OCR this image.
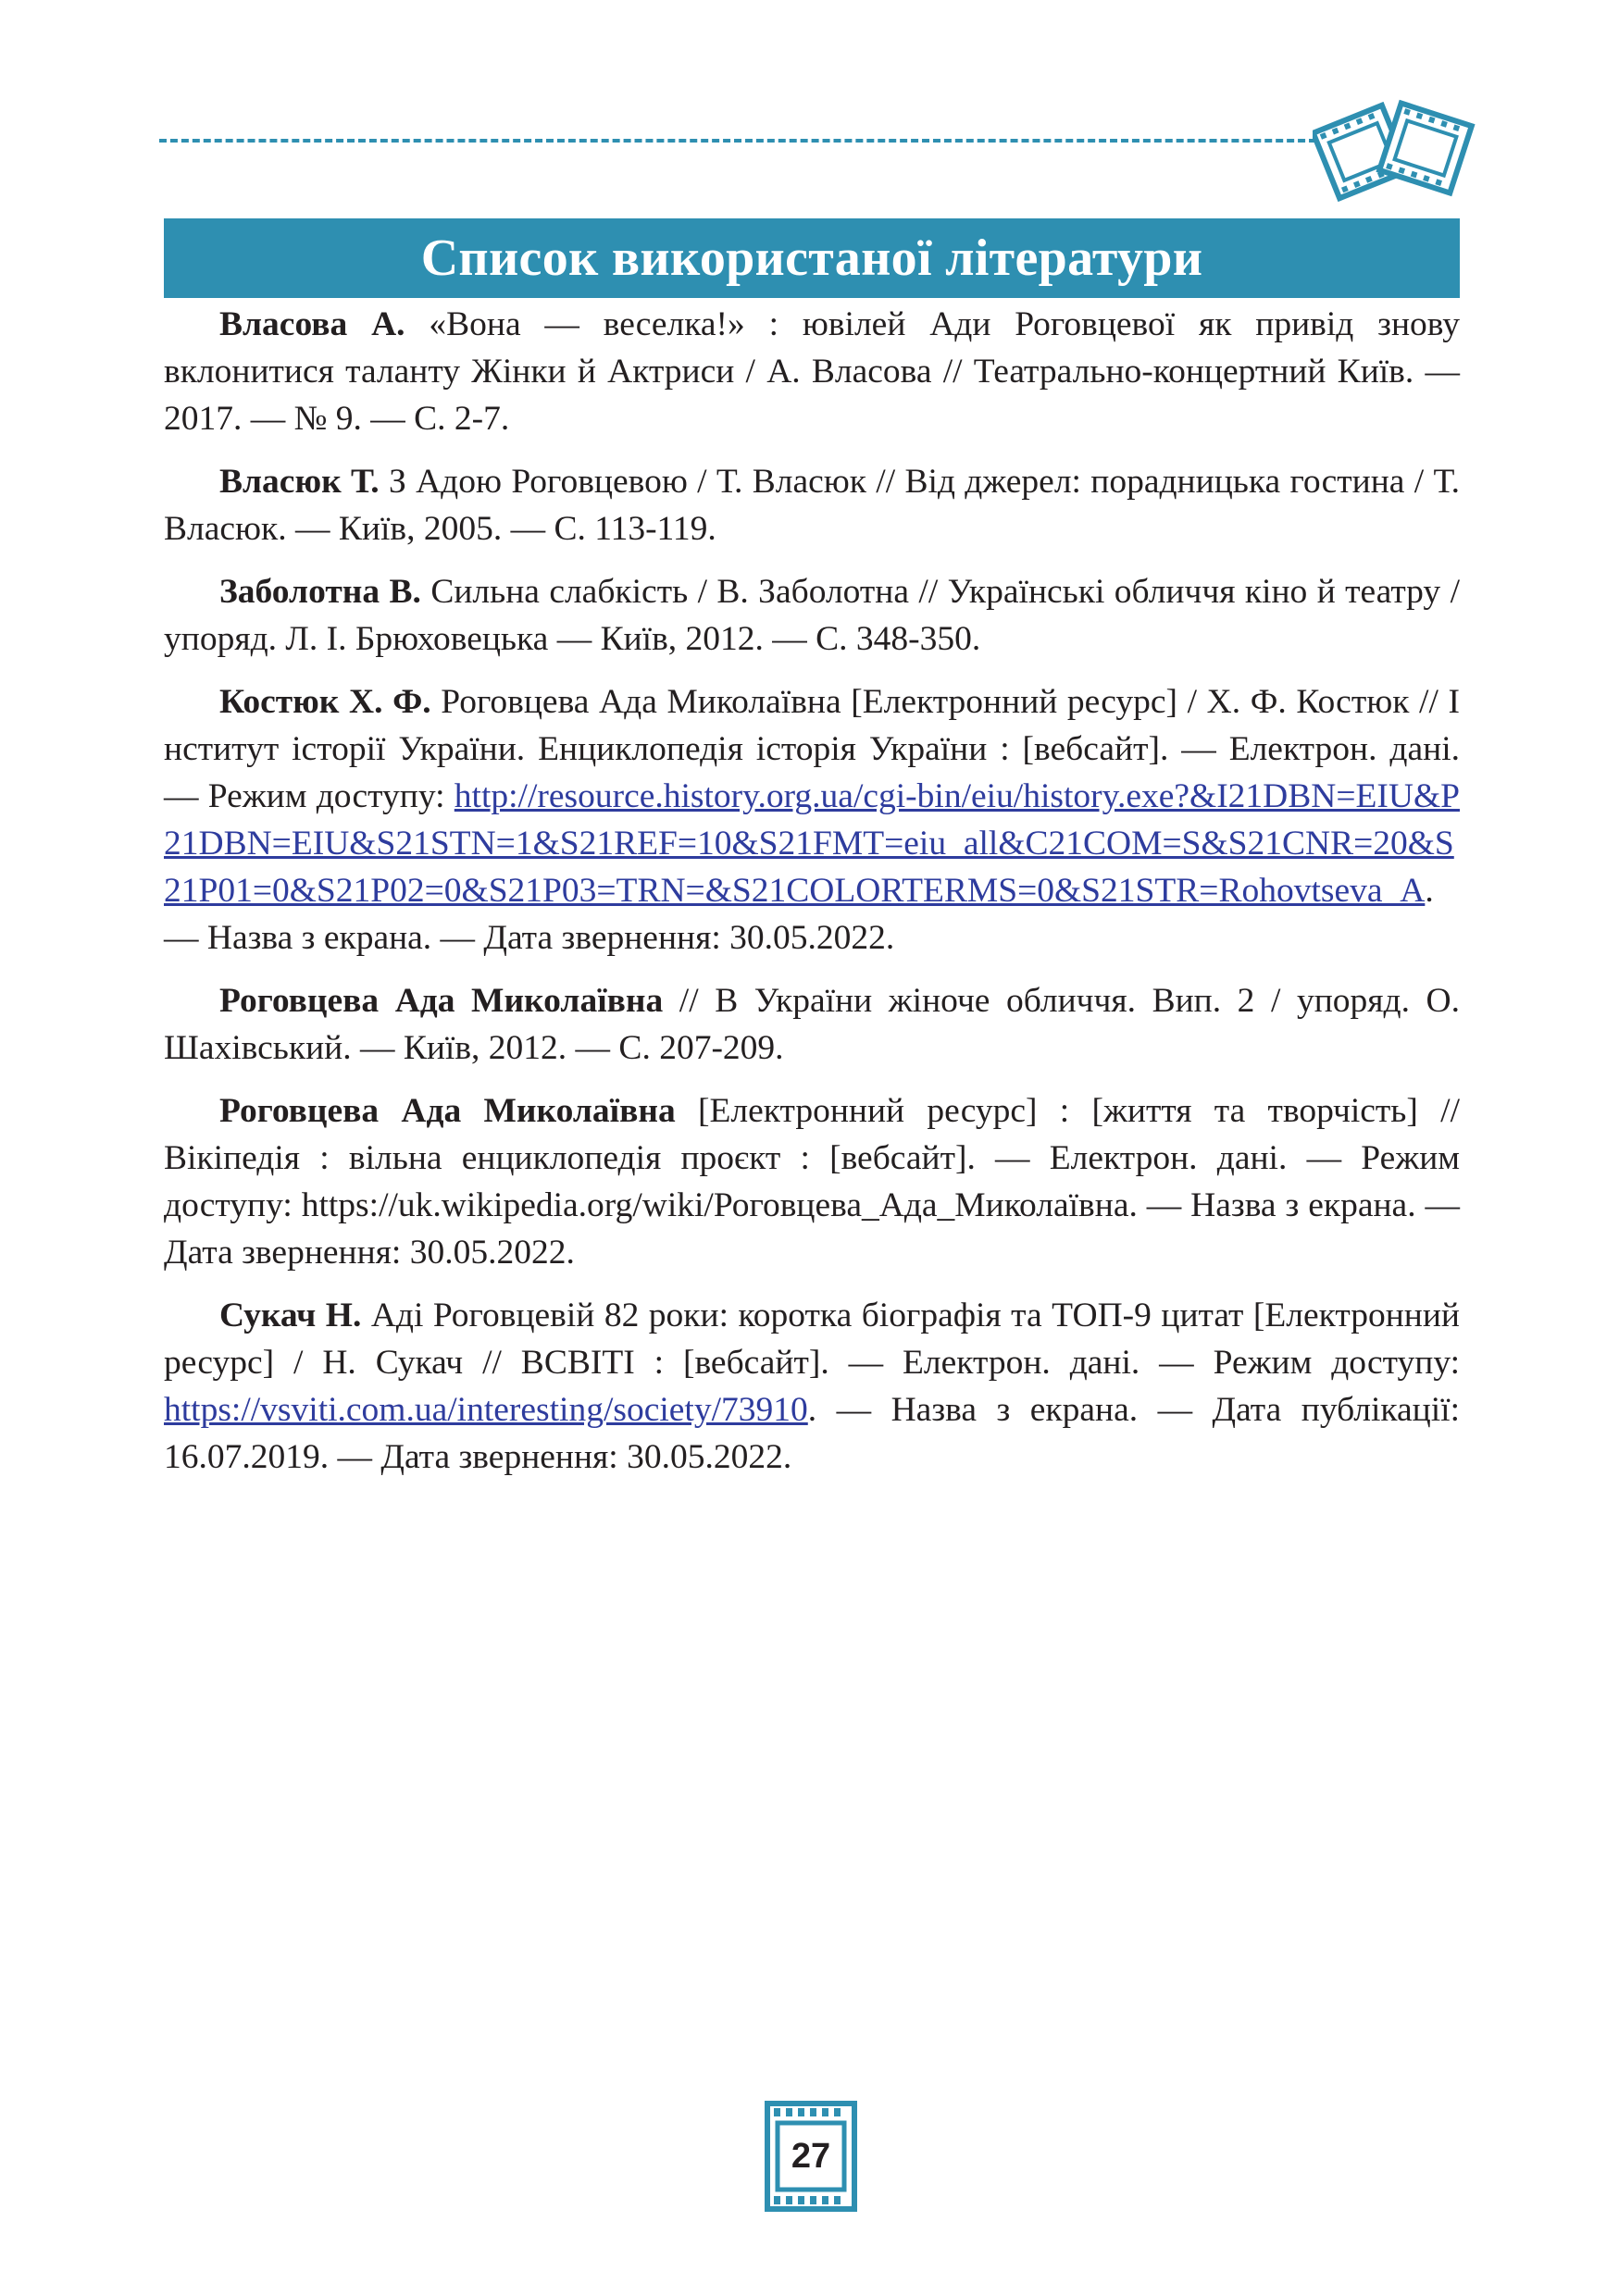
Список використаної літератури

Власова А. «Вона — веселка!» : ювілей Ади Роговцевої як привід знову вклонитися таланту Жінки й Актриси / А. Власова // Театрально-концертний Київ. — 2017. — № 9. — С. 2-7.

Власюк Т. З Адою Роговцевою / Т. Власюк // Від джерел: порадницька гостина / Т. Власюк. — Київ, 2005. — С. 113-119.

Заболотна В. Сильна слабкість / В. Заболотна // Українські обличчя кіно й театру / упоряд. Л. І. Брюховецька — Київ, 2012. — С. 348-350.

Костюк Х. Ф. Роговцева Ада Миколаївна [Електронний ресурс] / Х. Ф. Костюк // Інститут історії України. Енциклопедія історія України : [вебсайт]. — Електрон. дані. — Режим доступу: http://resource.history.org.ua/cgi-bin/eiu/history.exe?&I21DBN=EIU&P21DBN=EIU&S21STN=1&S21REF=10&S21FMT=eiu_all&C21COM=S&S21CNR=20&S21P01=0&S21P02=0&S21P03=TRN=&S21COLORTERMS=0&S21STR=Rohovtseva_A. — Назва з екрана. — Дата звернення: 30.05.2022.

Роговцева Ада Миколаївна // В України жіноче обличчя. Вип. 2 / упоряд. О. Шахівський. — Київ, 2012. — С. 207-209.

Роговцева Ада Миколаївна [Електронний ресурс] : [життя та творчість] // Вікіпедія : вільна енциклопедія проєкт : [вебсайт]. — Електрон. дані. — Режим доступу: https://uk.wikipedia.org/wiki/Роговцева_Ада_Миколаївна. — Назва з екрана. — Дата звернення: 30.05.2022.

Сукач Н. Аді Роговцевій 82 роки: коротка біографія та ТОП-9 цитат [Електронний ресурс] / Н. Сукач // ВСВІТІ : [вебсайт]. — Електрон. дані. — Режим доступу: https://vsviti.com.ua/interesting/society/73910. — Назва з екрана. — Дата публікації: 16.07.2019. — Дата звернення: 30.05.2022.

27
